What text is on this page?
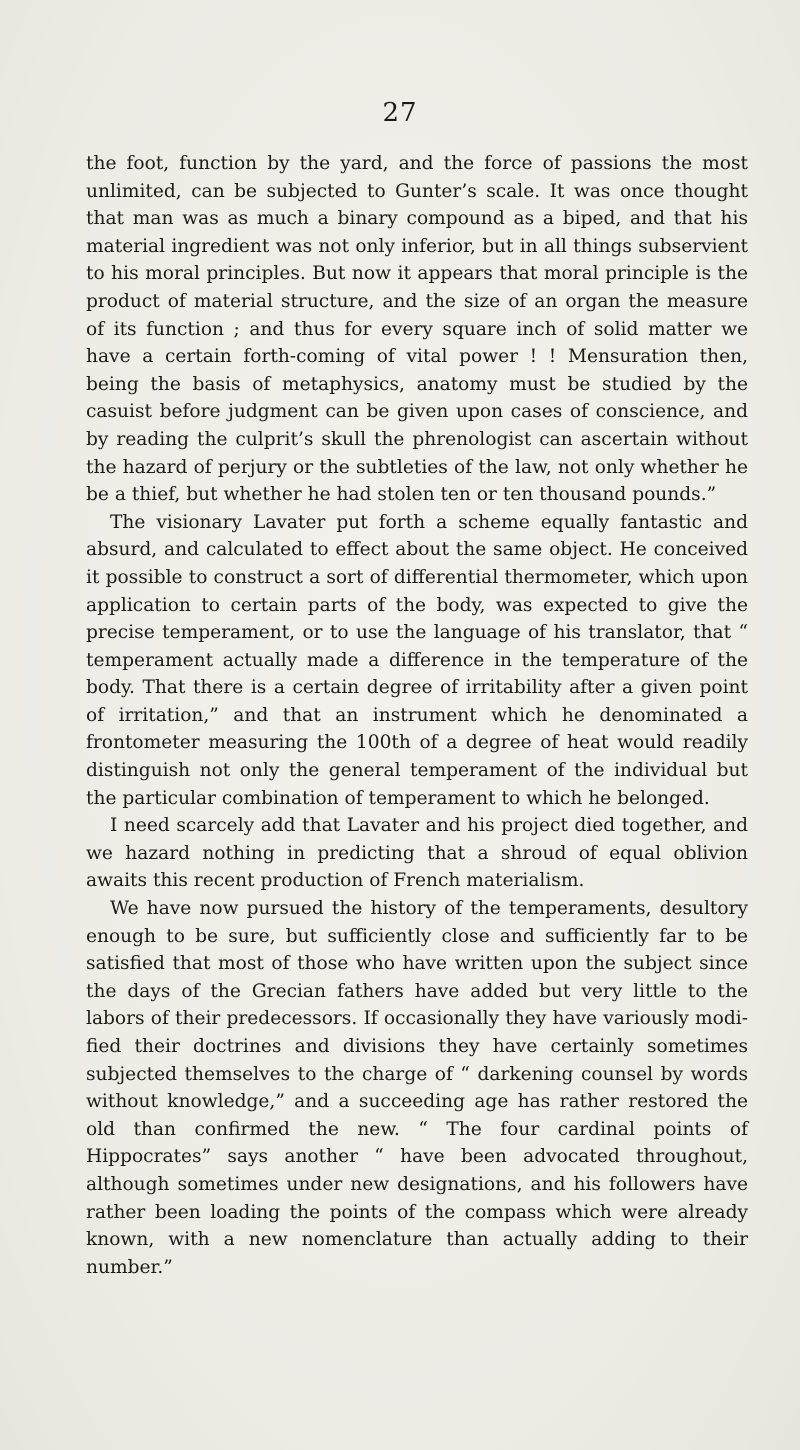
27

the foot, function by the yard, and the force of passions the most unlimited, can be subjected to Gunter’s scale. It was once thought that man was as much a binary compound as a biped, and that his material ingredient was not only inferior, but in all things subservient to his moral principles. But now it appears that moral principle is the product of material structure, and the size of an organ the measure of its function ; and thus for every square inch of solid matter we have a certain forth-coming of vital power ! ! Mensuration then, being the basis of metaphysics, anatomy must be studied by the casuist before judgment can be given upon cases of conscience, and by reading the culprit’s skull the phrenologist can ascertain without the hazard of perjury or the subtleties of the law, not only whether he be a thief, but whether he had stolen ten or ten thousand pounds.”

The visionary Lavater put forth a scheme equally fantastic and absurd, and calculated to effect about the same object. He conceived it possible to construct a sort of differential thermometer, which upon application to certain parts of the body, was expected to give the precise temperament, or to use the language of his translator, that “ temperament actually made a difference in the temperature of the body. That there is a certain degree of irritability after a given point of irritation,” and that an instrument which he denominated a frontometer measuring the 100th of a degree of heat would readily distinguish not only the general temperament of the individual but the particular combination of temperament to which he belonged.

I need scarcely add that Lavater and his project died together, and we hazard nothing in predicting that a shroud of equal oblivion awaits this recent production of French materialism.

We have now pursued the history of the temperaments, desultory enough to be sure, but sufficiently close and sufficiently far to be satisfied that most of those who have written upon the subject since the days of the Grecian fathers have added but very little to the labors of their predecessors. If occasionally they have variously modified their doctrines and divisions they have certainly sometimes subjected themselves to the charge of “ darkening counsel by words without knowledge,” and a succeeding age has rather restored the old than confirmed the new. “ The four cardinal points of Hippocrates” says another “ have been advocated throughout, although sometimes under new designations, and his followers have rather been loading the points of the compass which were already known, with a new nomenclature than actually adding to their number.”
